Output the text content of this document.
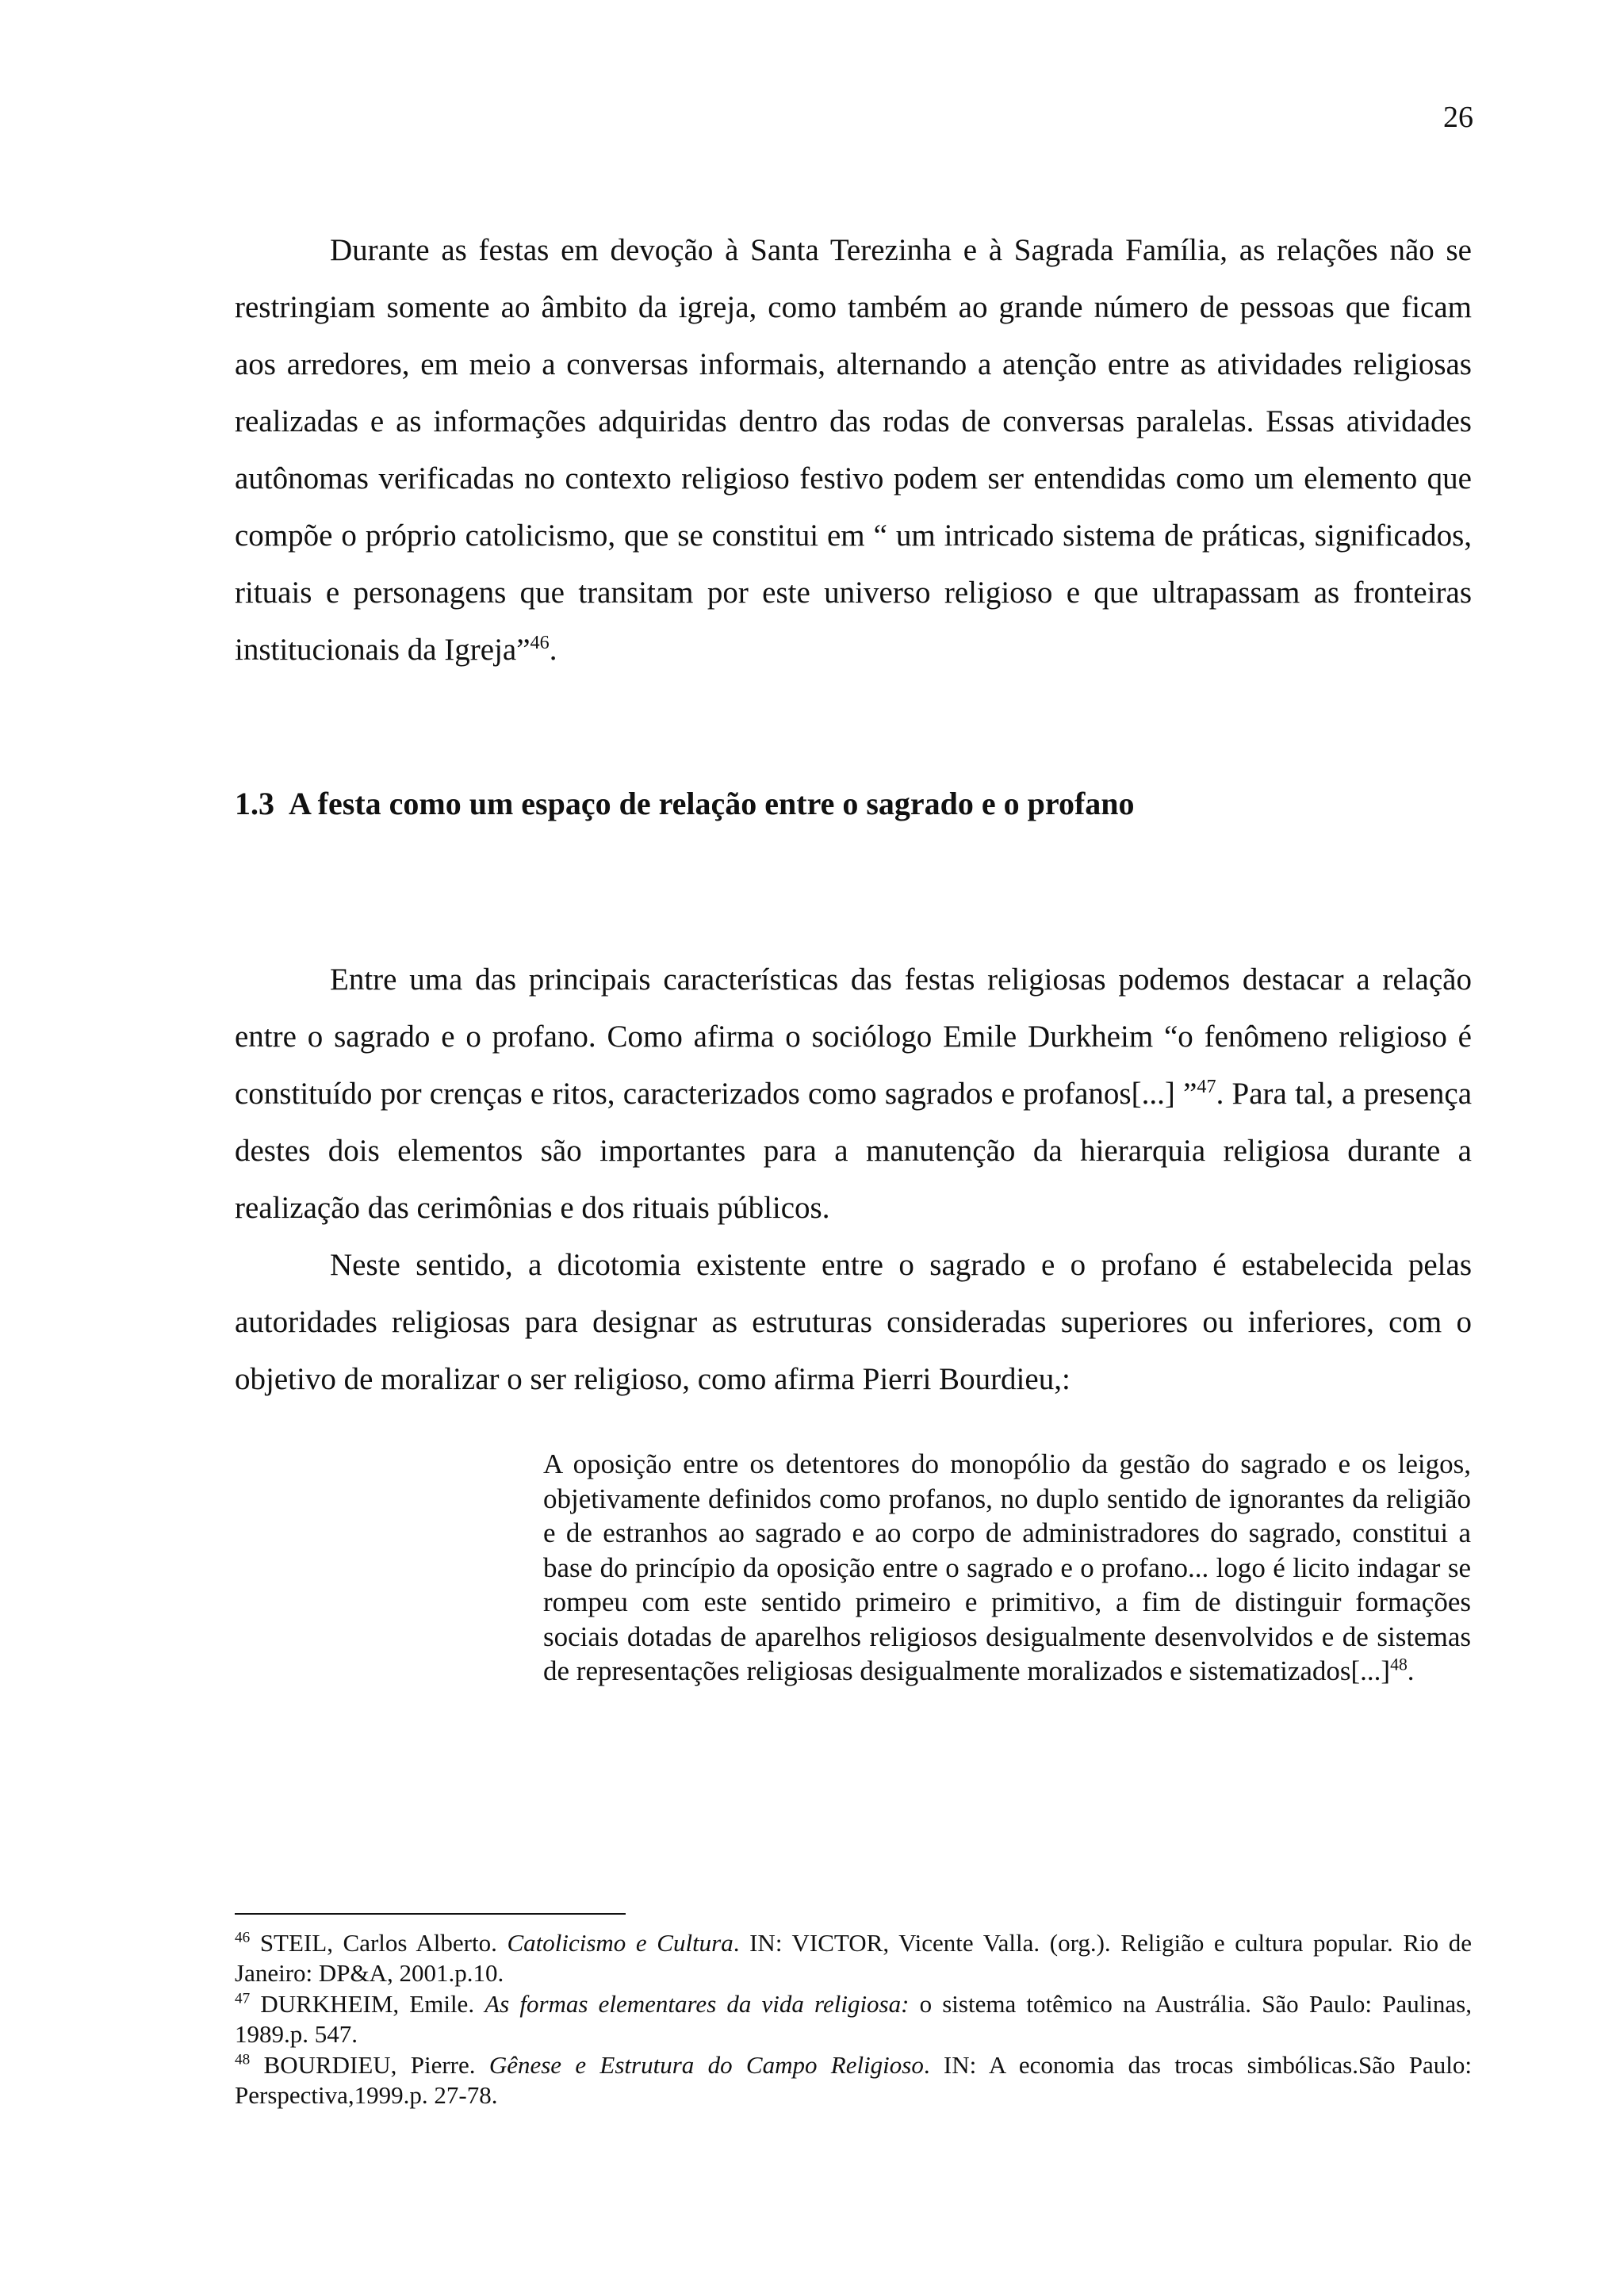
26

Durante as festas em devoção à Santa Terezinha e à Sagrada Família, as relações não se restringiam somente ao âmbito da igreja, como também ao grande número de pessoas que ficam aos arredores, em meio a conversas informais, alternando a atenção entre as atividades religiosas realizadas e as informações adquiridas dentro das rodas de conversas paralelas. Essas atividades autônomas verificadas no contexto religioso festivo podem ser entendidas como um elemento que compõe o próprio catolicismo, que se constitui em “ um intricado sistema de práticas, significados, rituais e personagens que transitam por este universo religioso e que ultrapassam as fronteiras institucionais da Igreja”$^{46}$.

1.3 A festa como um espaço de relação entre o sagrado e o profano

Entre uma das principais características das festas religiosas podemos destacar a relação entre o sagrado e o profano. Como afirma o sociólogo Emile Durkheim “o fenômeno religioso é constituído por crenças e ritos, caracterizados como sagrados e profanos[...] ”$^{47}$. Para tal, a presença destes dois elementos são importantes para a manutenção da hierarquia religiosa durante a realização das cerimônias e dos rituais públicos.

Neste sentido, a dicotomia existente entre o sagrado e o profano é estabelecida pelas autoridades religiosas para designar as estruturas consideradas superiores ou inferiores, com o objetivo de moralizar o ser religioso, como afirma Pierri Bourdieu,:

A oposição entre os detentores do monopólio da gestão do sagrado e os leigos, objetivamente definidos como profanos, no duplo sentido de ignorantes da religião e de estranhos ao sagrado e ao corpo de administradores do sagrado, constitui a base do princípio da oposição entre o sagrado e o profano... logo é licito indagar se rompeu com este sentido primeiro e primitivo, a fim de distinguir formações sociais dotadas de aparelhos religiosos desigualmente desenvolvidos e de sistemas de representações religiosas desigualmente moralizados e sistematizados[...]$^{48}$.

$^{46}$ STEIL, Carlos Alberto. Catolicismo e Cultura. IN: VICTOR, Vicente Valla. (org.). Religião e cultura popular. Rio de Janeiro: DP&A, 2001.p.10.

$^{47}$ DURKHEIM, Emile. As formas elementares da vida religiosa: o sistema totêmico na Austrália. São Paulo: Paulinas, 1989.p. 547.

$^{48}$ BOURDIEU, Pierre. Gênese e Estrutura do Campo Religioso. IN: A economia das trocas simbólicas.São Paulo: Perspectiva,1999.p. 27-78.
